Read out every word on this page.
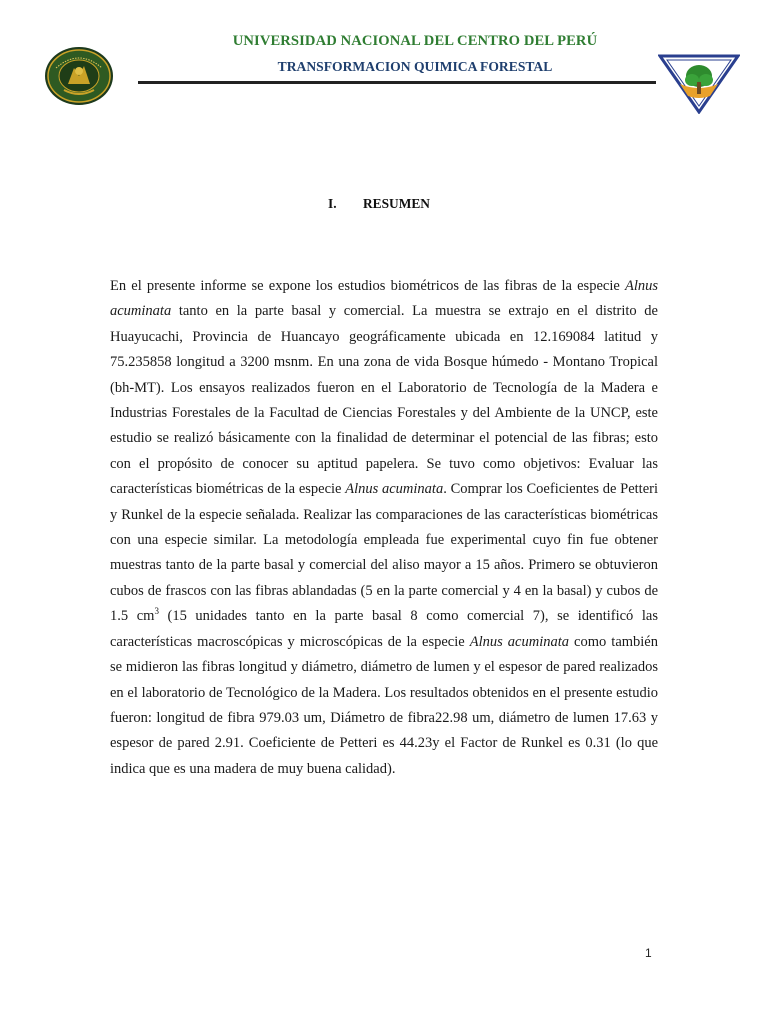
UNIVERSIDAD NACIONAL DEL CENTRO DEL PERÚ
TRANSFORMACION QUIMICA FORESTAL
I. RESUMEN
En el presente informe se expone los estudios biométricos de las fibras de la especie Alnus acuminata tanto en la parte basal y comercial. La muestra se extrajo en el distrito de Huayucachi, Provincia de Huancayo geográficamente ubicada en 12.169084 latitud y 75.235858 longitud a 3200 msnm. En una zona de vida Bosque húmedo - Montano Tropical (bh-MT). Los ensayos realizados fueron en el Laboratorio de Tecnología de la Madera e Industrias Forestales de la Facultad de Ciencias Forestales y del Ambiente de la UNCP, este estudio se realizó básicamente con la finalidad de determinar el potencial de las fibras; esto con el propósito de conocer su aptitud papelera. Se tuvo como objetivos: Evaluar las características biométricas de la especie Alnus acuminata. Comprar los Coeficientes de Petteri y Runkel de la especie señalada. Realizar las comparaciones de las características biométricas con una especie similar. La metodología empleada fue experimental cuyo fin fue obtener muestras tanto de la parte basal y comercial del aliso mayor a 15 años. Primero se obtuvieron cubos de frascos con las fibras ablandadas (5 en la parte comercial y 4 en la basal) y cubos de 1.5 $cm^3$ (15 unidades tanto en la parte basal 8 como comercial 7), se identificó las características macroscópicas y microscópicas de la especie Alnus acuminata como también se midieron las fibras longitud y diámetro, diámetro de lumen y el espesor de pared realizados en el laboratorio de Tecnológico de la Madera. Los resultados obtenidos en el presente estudio fueron: longitud de fibra 979.03 um, Diámetro de fibra22.98 um, diámetro de lumen 17.63 y espesor de pared 2.91. Coeficiente de Petteri es 44.23y el Factor de Runkel es 0.31 (lo que indica que es una madera de muy buena calidad).
1
